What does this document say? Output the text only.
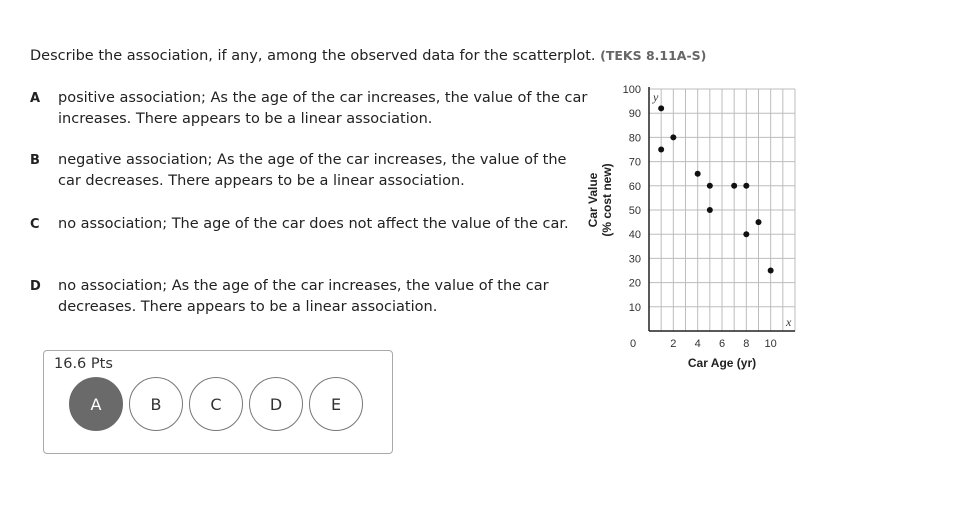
Describe the association, if any, among the observed data for the scatterplot. (TEKS 8.11A-S)
A positive association; As the age of the car increases, the value of the car increases. There appears to be a linear association.
B negative association; As the age of the car increases, the value of the car decreases. There appears to be a linear association.
C no association; The age of the car does not affect the value of the car.
D no association; As the age of the car increases, the value of the car decreases. There appears to be a linear association.
16.6 Pts
A	B	C	D	E
10
20
30
40
50
60
70
80
90
100
2 4 6 8 10
0
y
x
Car Age (yr)
Car Value (% cost new)
